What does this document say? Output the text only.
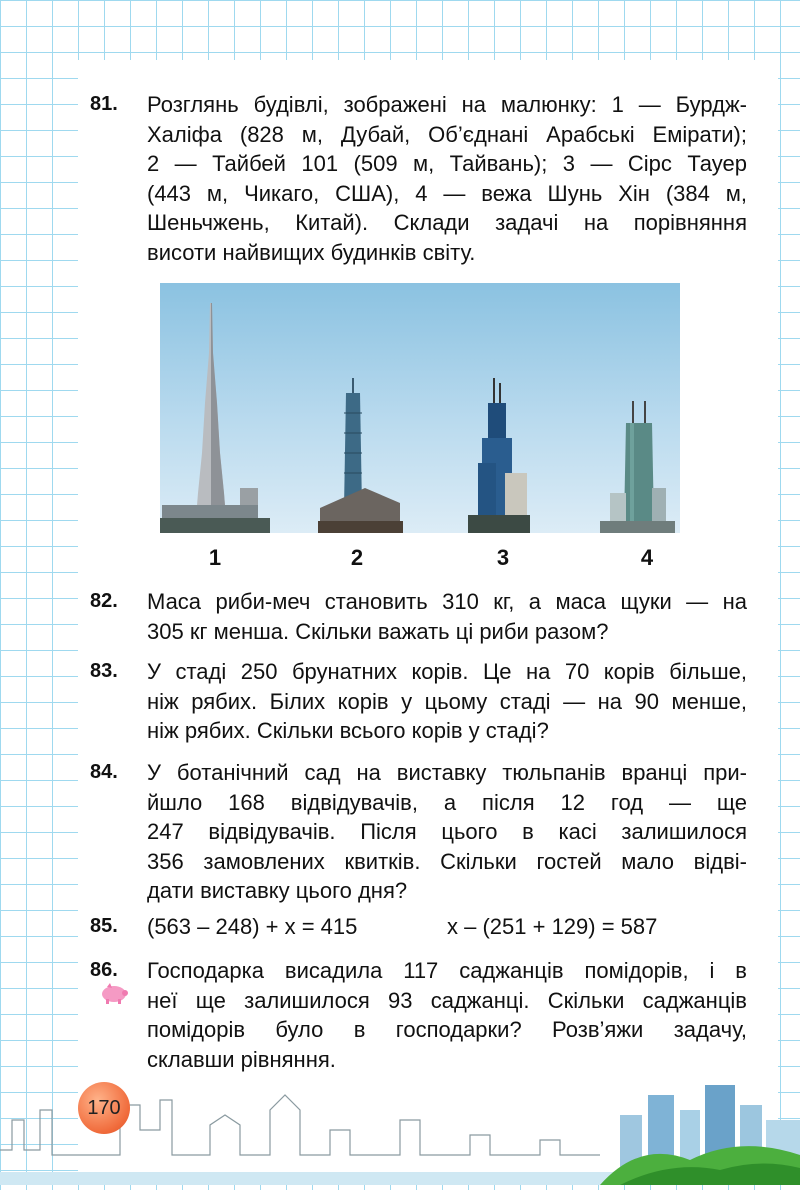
81. Розглянь будівлі, зображені на малюнку: 1 — Бурдж-
Халіфа (828 м, Дубай, Об’єднані Арабські Емірати);
2 — Тайбей 101 (509 м, Тайвань); 3 — Сірс Тауер
(443 м, Чикаго, США), 4 — вежа Шунь Хін (384 м,
Шеньчжень, Китай). Склади задачі на порівняння
висоти найвищих будинків світу.
1	2	3	4
82. Маса риби-меч становить 310 кг, а маса щуки — на
305 кг менша. Скільки важать ці риби разом?
83. У стаді 250 брунатних корів. Це на 70 корів більше,
ніж рябих. Білих корів у цьому стаді — на 90 менше,
ніж рябих. Скільки всього корів у стаді?
84. У ботанічний сад на виставку тюльпанів вранці при-
йшло 168 відвідувачів, а після 12 год — ще
247 відвідувачів. Після цього в касі залишилося
356 замовлених квитків. Скільки гостей мало відві-
дати виставку цього дня?
85. (563 – 248) + x = 415	x – (251 + 129) = 587
86. Господарка висадила 117 саджанців помідорів, і в
неї ще залишилося 93 саджанці. Скільки саджанців
помідорів було в господарки? Розв’яжи задачу,
склавши рівняння.
170
